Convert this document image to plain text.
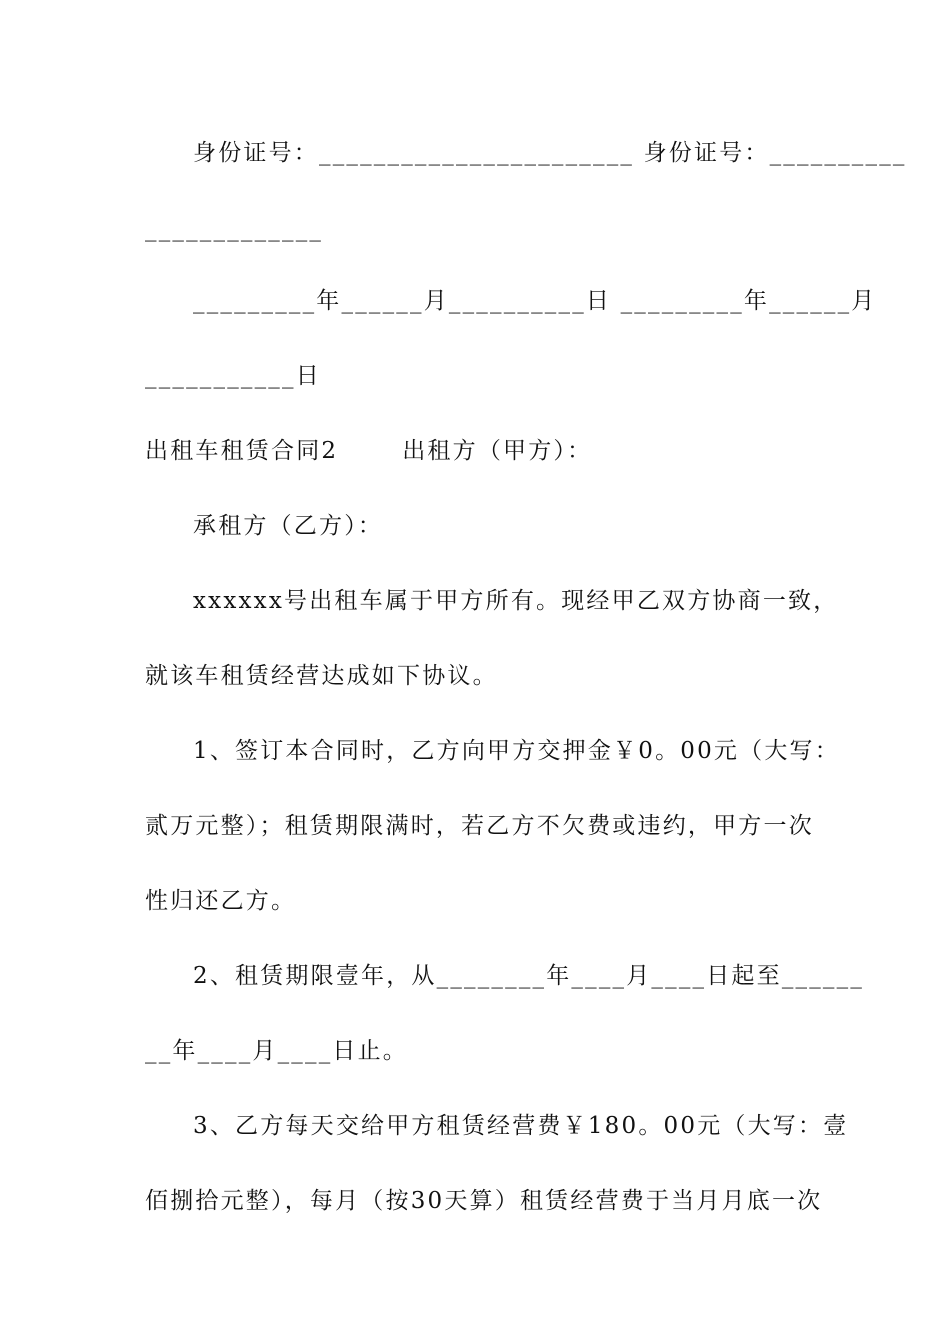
身份证号：_______________________ 身份证号：__________
_____________
_________年______月__________日 _________年______月
___________日
出租车租赁合同2	出租方（甲方）：
承租方（乙方）：
xxxxxx号出租车属于甲方所有。现经甲乙双方协商一致，
就该车租赁经营达成如下协议。
1、签订本合同时，乙方向甲方交押金￥0。00元（大写：
贰万元整）；租赁期限满时，若乙方不欠费或违约，甲方一次
性归还乙方。
2、租赁期限壹年，从________年____月____日起至______
__年____月____日止。
3、乙方每天交给甲方租赁经营费￥180。00元（大写：壹
佰捌拾元整），每月（按30天算）租赁经营费于当月月底一次
